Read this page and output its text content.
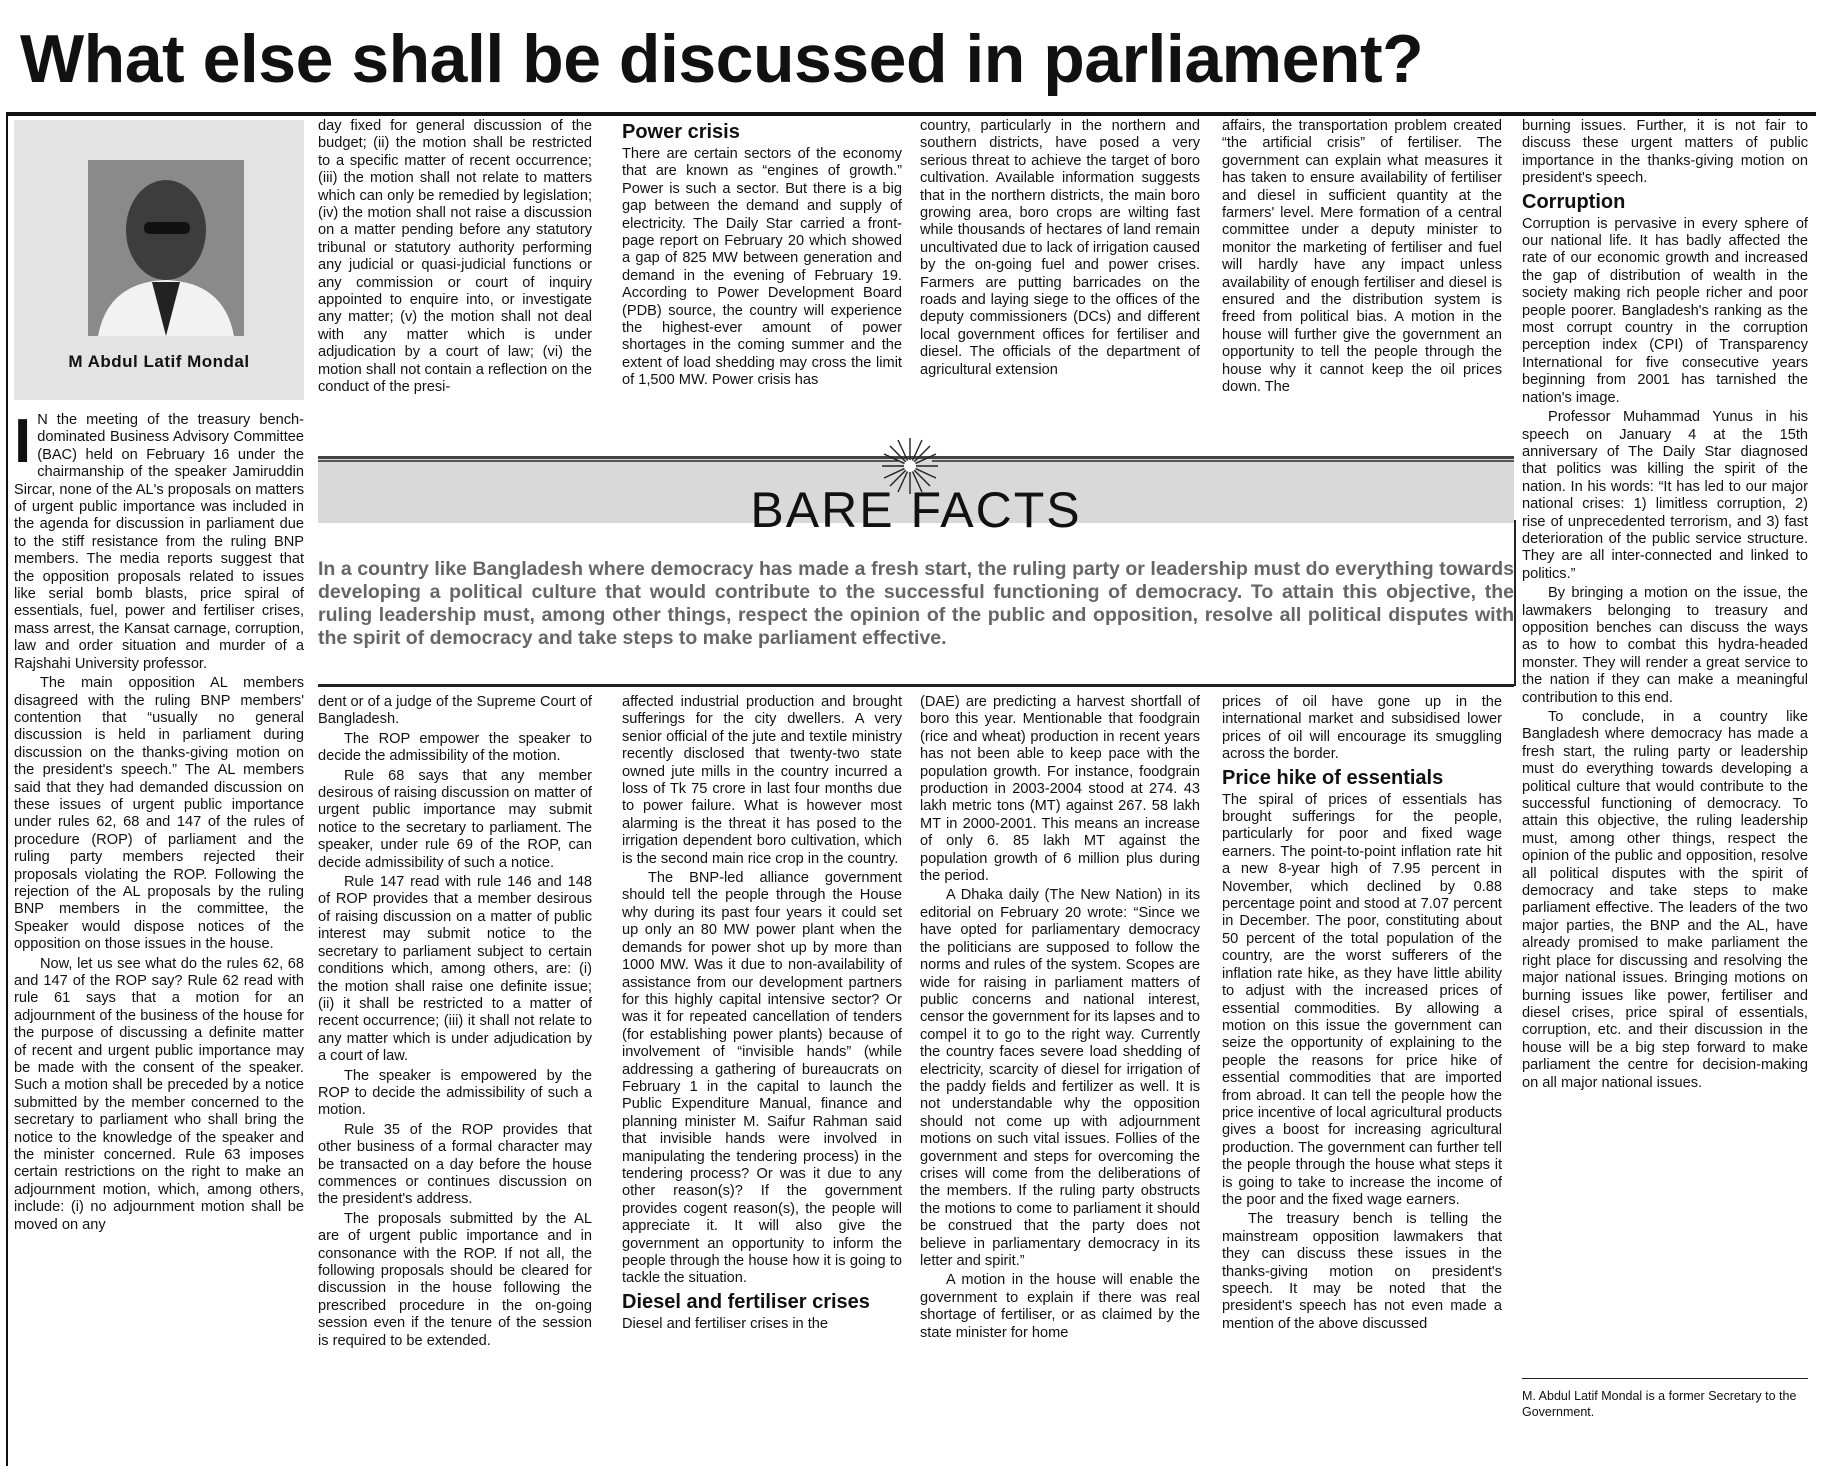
What else shall be discussed in parliament?
M Abdul Latif Mondal

I N the meeting of the treasury bench-dominated Business Advisory Committee (BAC) held on February 16 under the chairmanship of the speaker Jamiruddin Sircar, none of the AL's proposals on matters of urgent public importance was included in the agenda for discussion in parliament due to the stiff resistance from the ruling BNP members. The media reports suggest that the opposition proposals related to issues like serial bomb blasts, price spiral of essentials, fuel, power and fertiliser crises, mass arrest, the Kansat carnage, corruption, law and order situation and murder of a Rajshahi University professor.

The main opposition AL members disagreed with the ruling BNP members' contention that “usually no general discussion is held in parliament during discussion on the thanks-giving motion on the president's speech.” The AL members said that they had demanded discussion on these issues of urgent public importance under rules 62, 68 and 147 of the rules of procedure (ROP) of parliament and the ruling party members rejected their proposals violating the ROP. Following the rejection of the AL proposals by the ruling BNP members in the committee, the Speaker would dispose notices of the opposition on those issues in the house.

Now, let us see what do the rules 62, 68 and 147 of the ROP say? Rule 62 read with rule 61 says that a motion for an adjournment of the business of the house for the purpose of discussing a definite matter of recent and urgent public importance may be made with the consent of the speaker. Such a motion shall be preceded by a notice submitted by the member concerned to the secretary to parliament who shall bring the notice to the knowledge of the speaker and the minister concerned. Rule 63 imposes certain restrictions on the right to make an adjournment motion, which, among others, include: (i) no adjournment motion shall be moved on any

day fixed for general discussion of the budget; (ii) the motion shall be restricted to a specific matter of recent occurrence; (iii) the motion shall not relate to matters which can only be remedied by legislation; (iv) the motion shall not raise a discussion on a matter pending before any statutory tribunal or statutory authority performing any judicial or quasi-judicial functions or any commission or court of inquiry appointed to enquire into, or investigate any matter; (v) the motion shall not deal with any matter which is under adjudication by a court of law; (vi) the motion shall not contain a reflection on the conduct of the presi-

Power crisis

There are certain sectors of the economy that are known as “engines of growth.” Power is such a sector. But there is a big gap between the demand and supply of electricity. The Daily Star carried a front-page report on February 20 which showed a gap of 825 MW between generation and demand in the evening of February 19. According to Power Development Board (PDB) source, the country will experience the highest-ever amount of power shortages in the coming summer and the extent of load shedding may cross the limit of 1,500 MW. Power crisis has

country, particularly in the northern and southern districts, have posed a very serious threat to achieve the target of boro cultivation. Available information suggests that in the northern districts, the main boro growing area, boro crops are wilting fast while thousands of hectares of land remain uncultivated due to lack of irrigation caused by the on-going fuel and power crises. Farmers are putting barricades on the roads and laying siege to the offices of the deputy commissioners (DCs) and different local government offices for fertiliser and diesel. The officials of the department of agricultural extension

affairs, the transportation problem created “the artificial crisis” of fertiliser. The government can explain what measures it has taken to ensure availability of fertiliser and diesel in sufficient quantity at the farmers' level. Mere formation of a central committee under a deputy minister to monitor the marketing of fertiliser and fuel will hardly have any impact unless availability of enough fertiliser and diesel is ensured and the distribution system is freed from political bias. A motion in the house will further give the government an opportunity to tell the people through the house why it cannot keep the oil prices down. The

BARE FACTS
In a country like Bangladesh where democracy has made a fresh start, the ruling party or leadership must do everything towards developing a political culture that would contribute to the successful functioning of democracy. To attain this objective, the ruling leadership must, among other things, respect the opinion of the public and opposition, resolve all political disputes with the spirit of democracy and take steps to make parliament effective.

dent or of a judge of the Supreme Court of Bangladesh.

The ROP empower the speaker to decide the admissibility of the motion.

Rule 68 says that any member desirous of raising discussion on matter of urgent public importance may submit notice to the secretary to parliament. The speaker, under rule 69 of the ROP, can decide admissibility of such a notice.

Rule 147 read with rule 146 and 148 of ROP provides that a member desirous of raising discussion on a matter of public interest may submit notice to the secretary to parliament subject to certain conditions which, among others, are: (i) the motion shall raise one definite issue; (ii) it shall be restricted to a matter of recent occurrence; (iii) it shall not relate to any matter which is under adjudication by a court of law.

The speaker is empowered by the ROP to decide the admissibility of such a motion.

Rule 35 of the ROP provides that other business of a formal character may be transacted on a day before the house commences or continues discussion on the president's address.

The proposals submitted by the AL are of urgent public importance and in consonance with the ROP. If not all, the following proposals should be cleared for discussion in the house following the prescribed procedure in the on-going session even if the tenure of the session is required to be extended.

affected industrial production and brought sufferings for the city dwellers. A very senior official of the jute and textile ministry recently disclosed that twenty-two state owned jute mills in the country incurred a loss of Tk 75 crore in last four months due to power failure. What is however most alarming is the threat it has posed to the irrigation dependent boro cultivation, which is the second main rice crop in the country.

The BNP-led alliance government should tell the people through the House why during its past four years it could set up only an 80 MW power plant when the demands for power shot up by more than 1000 MW. Was it due to non-availability of assistance from our development partners for this highly capital intensive sector? Or was it for repeated cancellation of tenders (for establishing power plants) because of involvement of “invisible hands” (while addressing a gathering of bureaucrats on February 1 in the capital to launch the Public Expenditure Manual, finance and planning minister M. Saifur Rahman said that invisible hands were involved in manipulating the tendering process) in the tendering process? Or was it due to any other reason(s)? If the government provides cogent reason(s), the people will appreciate it. It will also give the government an opportunity to inform the people through the house how it is going to tackle the situation.

Diesel and fertiliser crises

Diesel and fertiliser crises in the

(DAE) are predicting a harvest shortfall of boro this year. Mentionable that foodgrain (rice and wheat) production in recent years has not been able to keep pace with the population growth. For instance, foodgrain production in 2003-2004 stood at 274. 43 lakh metric tons (MT) against 267. 58 lakh MT in 2000-2001. This means an increase of only 6. 85 lakh MT against the population growth of 6 million plus during the period.

A Dhaka daily (The New Nation) in its editorial on February 20 wrote: “Since we have opted for parliamentary democracy the politicians are supposed to follow the norms and rules of the system. Scopes are wide for raising in parliament matters of public concerns and national interest, censor the government for its lapses and to compel it to go to the right way. Currently the country faces severe load shedding of electricity, scarcity of diesel for irrigation of the paddy fields and fertilizer as well. It is not understandable why the opposition should not come up with adjournment motions on such vital issues. Follies of the government and steps for overcoming the crises will come from the deliberations of the members. If the ruling party obstructs the motions to come to parliament it should be construed that the party does not believe in parliamentary democracy in its letter and spirit.”

A motion in the house will enable the government to explain if there was real shortage of fertiliser, or as claimed by the state minister for home

prices of oil have gone up in the international market and subsidised lower prices of oil will encourage its smuggling across the border.

Price hike of essentials

The spiral of prices of essentials has brought sufferings for the people, particularly for poor and fixed wage earners. The point-to-point inflation rate hit a new 8-year high of 7.95 percent in November, which declined by 0.88 percentage point and stood at 7.07 percent in December. The poor, constituting about 50 percent of the total population of the country, are the worst sufferers of the inflation rate hike, as they have little ability to adjust with the increased prices of essential commodities. By allowing a motion on this issue the government can seize the opportunity of explaining to the people the reasons for price hike of essential commodities that are imported from abroad. It can tell the people how the price incentive of local agricultural products gives a boost for increasing agricultural production. The government can further tell the people through the house what steps it is going to take to increase the income of the poor and the fixed wage earners.

The treasury bench is telling the mainstream opposition lawmakers that they can discuss these issues in the thanks-giving motion on president's speech. It may be noted that the president's speech has not even made a mention of the above discussed

burning issues. Further, it is not fair to discuss these urgent matters of public importance in the thanks-giving motion on president's speech.

Corruption

Corruption is pervasive in every sphere of our national life. It has badly affected the rate of our economic growth and increased the gap of distribution of wealth in the society making rich people richer and poor people poorer. Bangladesh's ranking as the most corrupt country in the corruption perception index (CPI) of Transparency International for five consecutive years beginning from 2001 has tarnished the nation's image.

Professor Muhammad Yunus in his speech on January 4 at the 15th anniversary of The Daily Star diagnosed that politics was killing the spirit of the nation. In his words: “It has led to our major national crises: 1) limitless corruption, 2) rise of unprecedented terrorism, and 3) fast deterioration of the public service structure. They are all inter-connected and linked to politics.”

By bringing a motion on the issue, the lawmakers belonging to treasury and opposition benches can discuss the ways as to how to combat this hydra-headed monster. They will render a great service to the nation if they can make a meaningful contribution to this end.

To conclude, in a country like Bangladesh where democracy has made a fresh start, the ruling party or leadership must do everything towards developing a political culture that would contribute to the successful functioning of democracy. To attain this objective, the ruling leadership must, among other things, respect the opinion of the public and opposition, resolve all political disputes with the spirit of democracy and take steps to make parliament effective. The leaders of the two major parties, the BNP and the AL, have already promised to make parliament the right place for discussing and resolving the major national issues. Bringing motions on burning issues like power, fertiliser and diesel crises, price spiral of essentials, corruption, etc. and their discussion in the house will be a big step forward to make parliament the centre for decision-making on all major national issues.

M. Abdul Latif Mondal is a former Secretary to the Government.
